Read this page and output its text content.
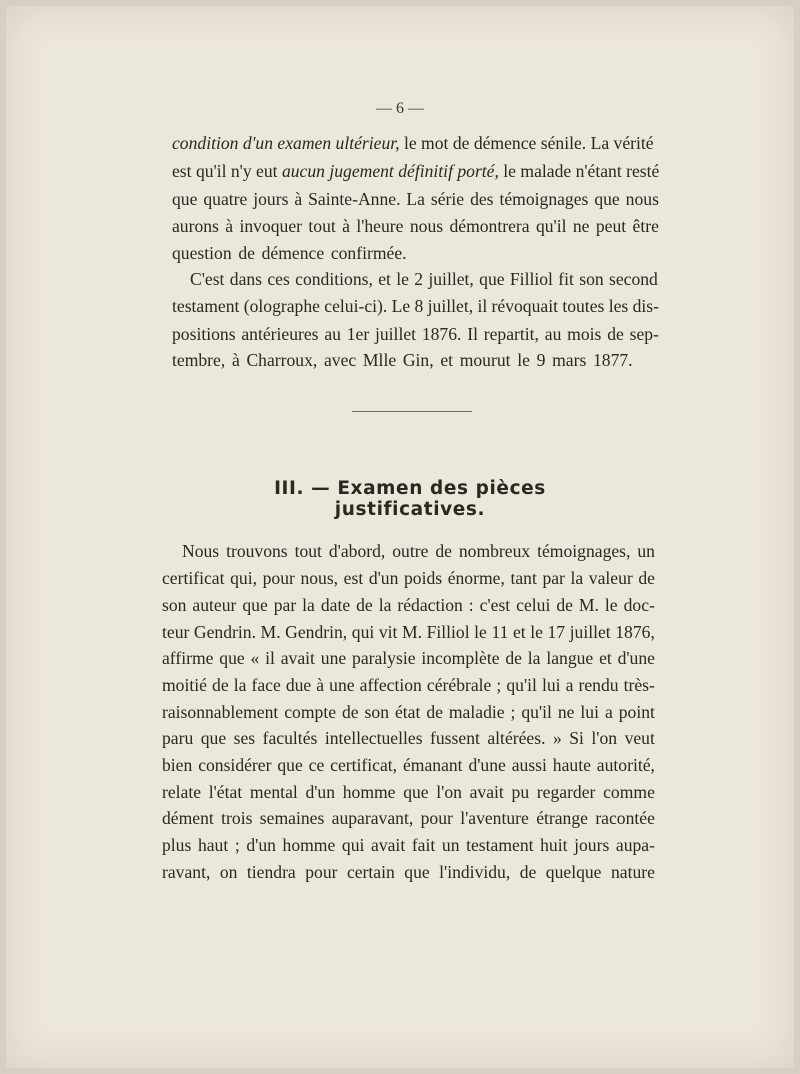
— 6 —
condition d'un examen ultérieur, le mot de démence sénile. La vérité
est qu'il n'y eut aucun jugement définitif porté, le malade n'étant resté
que quatre jours à Sainte-Anne. La série des témoignages que nous
aurons à invoquer tout à l'heure nous démontrera qu'il ne peut être
question de démence confirmée.
C'est dans ces conditions, et le 2 juillet, que Filliol fit son second
testament (olographe celui-ci). Le 8 juillet, il révoquait toutes les dis-
positions antérieures au 1er juillet 1876. Il repartit, au mois de sep-
tembre, à Charroux, avec Mlle Gin, et mourut le 9 mars 1877.
III. — Examen des pièces justificatives.
Nous trouvons tout d'abord, outre de nombreux témoignages, un
certificat qui, pour nous, est d'un poids énorme, tant par la valeur de
son auteur que par la date de la rédaction : c'est celui de M. le doc-
teur Gendrin. M. Gendrin, qui vit M. Filliol le 11 et le 17 juillet 1876,
affirme que « il avait une paralysie incomplète de la langue et d'une
moitié de la face due à une affection cérébrale ; qu'il lui a rendu très-
raisonnablement compte de son état de maladie ; qu'il ne lui a point
paru que ses facultés intellectuelles fussent altérées. » Si l'on veut
bien considérer que ce certificat, émanant d'une aussi haute autorité,
relate l'état mental d'un homme que l'on avait pu regarder comme
dément trois semaines auparavant, pour l'aventure étrange racontée
plus haut ; d'un homme qui avait fait un testament huit jours aupa-
ravant, on tiendra pour certain que l'individu, de quelque nature
